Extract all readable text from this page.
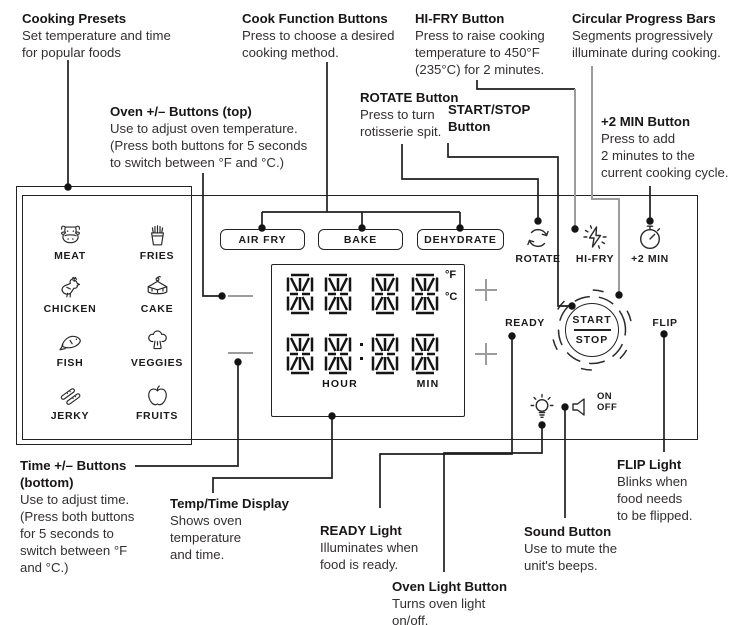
Cooking Presets
Set temperature and time
for popular foods
Cook Function Buttons
Press to choose a desired
cooking method.
HI-FRY Button
Press to raise cooking
temperature to 450°F
(235°C) for 2 minutes.
Circular Progress Bars
Segments progressively
illuminate during cooking.
Oven +/– Buttons (top)
Use to adjust oven temperature.
(Press both buttons for 5 seconds
to switch between °F and °C.)
ROTATE Button
Press to turn
rotisserie spit.
START/STOP
Button	+2 MIN Button
Press to add
2 minutes to the
current cooking cycle.
Time +/– Buttons
(bottom)
Use to adjust time.
(Press both buttons
for 5 seconds to
switch between °F
and °C.)
Temp/Time Display
Shows oven
temperature
and time.
READY Light
Illuminates when
food is ready.
Oven Light Button
Turns oven light
on/off.
Sound Button
Use to mute the
unit's beeps.
FLIP Light
Blinks when
food needs
to be flipped.
MEAT	FRIES
CHICKEN	CAKE
FISH	VEGGIES
JERKY	FRUITS
AIR FRY	BAKE	DEHYDRATE
°F
°C
HOUR	MIN
ROTATE	HI-FRY	+2 MIN
READY	FLIP
START
STOP
ON
OFF
